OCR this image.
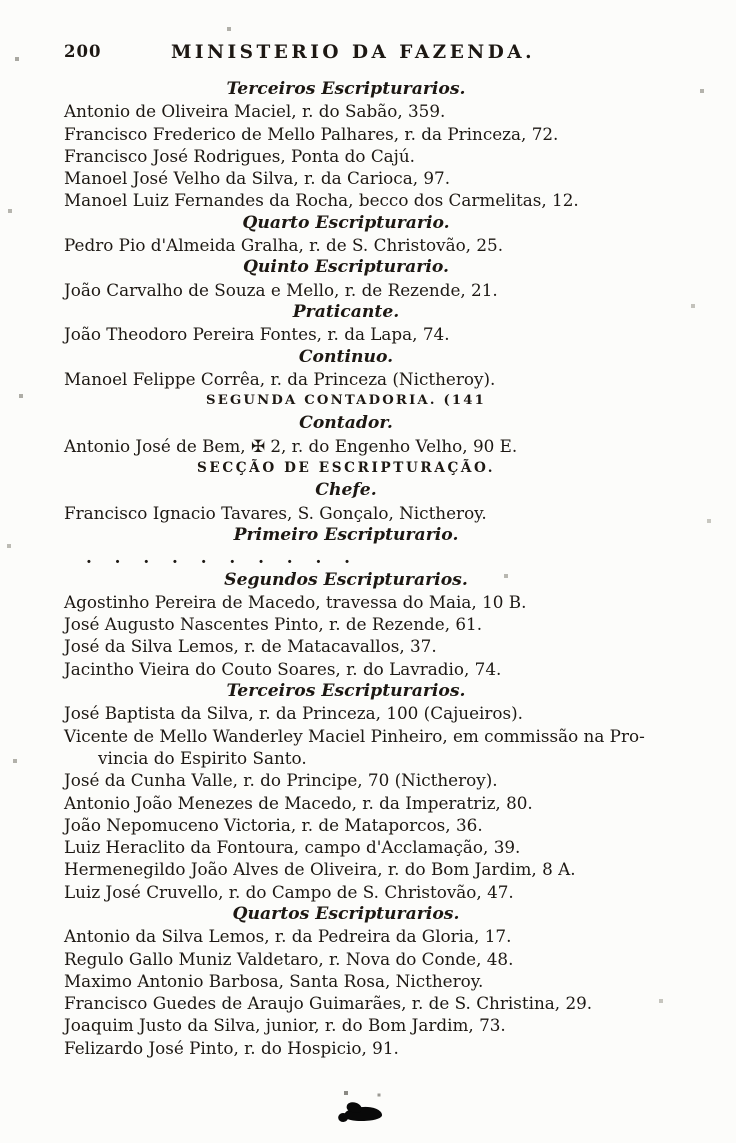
200	MINISTERIO DA FAZENDA.
Terceiros Escripturarios.

Antonio de Oliveira Maciel, r. do Sabão, 359.

Francisco Frederico de Mello Palhares, r. da Princeza, 72.

Francisco José Rodrigues, Ponta do Cajú.

Manoel José Velho da Silva, r. da Carioca, 97.

Manoel Luiz Fernandes da Rocha, becco dos Carmelitas, 12.

Quarto Escripturario.

Pedro Pio d'Almeida Gralha, r. de S. Christovão, 25.

Quinto Escripturario.

João Carvalho de Souza e Mello, r. de Rezende, 21.

Praticante.

João Theodoro Pereira Fontes, r. da Lapa, 74.

Continuo.

Manoel Felippe Corrêa, r. da Princeza (Nictheroy).

SEGUNDA CONTADORIA. (141
Contador.

Antonio José de Bem, ✠ 2, r. do Engenho Velho, 90 E.

SECÇÃO DE ESCRIPTURAÇÃO.
Chefe.

Francisco Ignacio Tavares, S. Gonçalo, Nictheroy.

Primeiro Escripturario.

. . . . . . . . . .

Segundos Escripturarios.

Agostinho Pereira de Macedo, travessa do Maia, 10 B.

José Augusto Nascentes Pinto, r. de Rezende, 61.

José da Silva Lemos, r. de Matacavallos, 37.

Jacintho Vieira do Couto Soares, r. do Lavradio, 74.

Terceiros Escripturarios.

José Baptista da Silva, r. da Princeza, 100 (Cajueiros).

Vicente de Mello Wanderley Maciel Pinheiro, em commissão na Pro-
vincia do Espirito Santo.

José da Cunha Valle, r. do Principe, 70 (Nictheroy).

Antonio João Menezes de Macedo, r. da Imperatriz, 80.

João Nepomuceno Victoria, r. de Mataporcos, 36.

Luiz Heraclito da Fontoura, campo d'Acclamação, 39.

Hermenegildo João Alves de Oliveira, r. do Bom Jardim, 8 A.

Luiz José Cruvello, r. do Campo de S. Christovão, 47.

Quartos Escripturarios.

Antonio da Silva Lemos, r. da Pedreira da Gloria, 17.

Regulo Gallo Muniz Valdetaro, r. Nova do Conde, 48.

Maximo Antonio Barbosa, Santa Rosa, Nictheroy.

Francisco Guedes de Araujo Guimarães, r. de S. Christina, 29.

Joaquim Justo da Silva, junior, r. do Bom Jardim, 73.

Felizardo José Pinto, r. do Hospicio, 91.
